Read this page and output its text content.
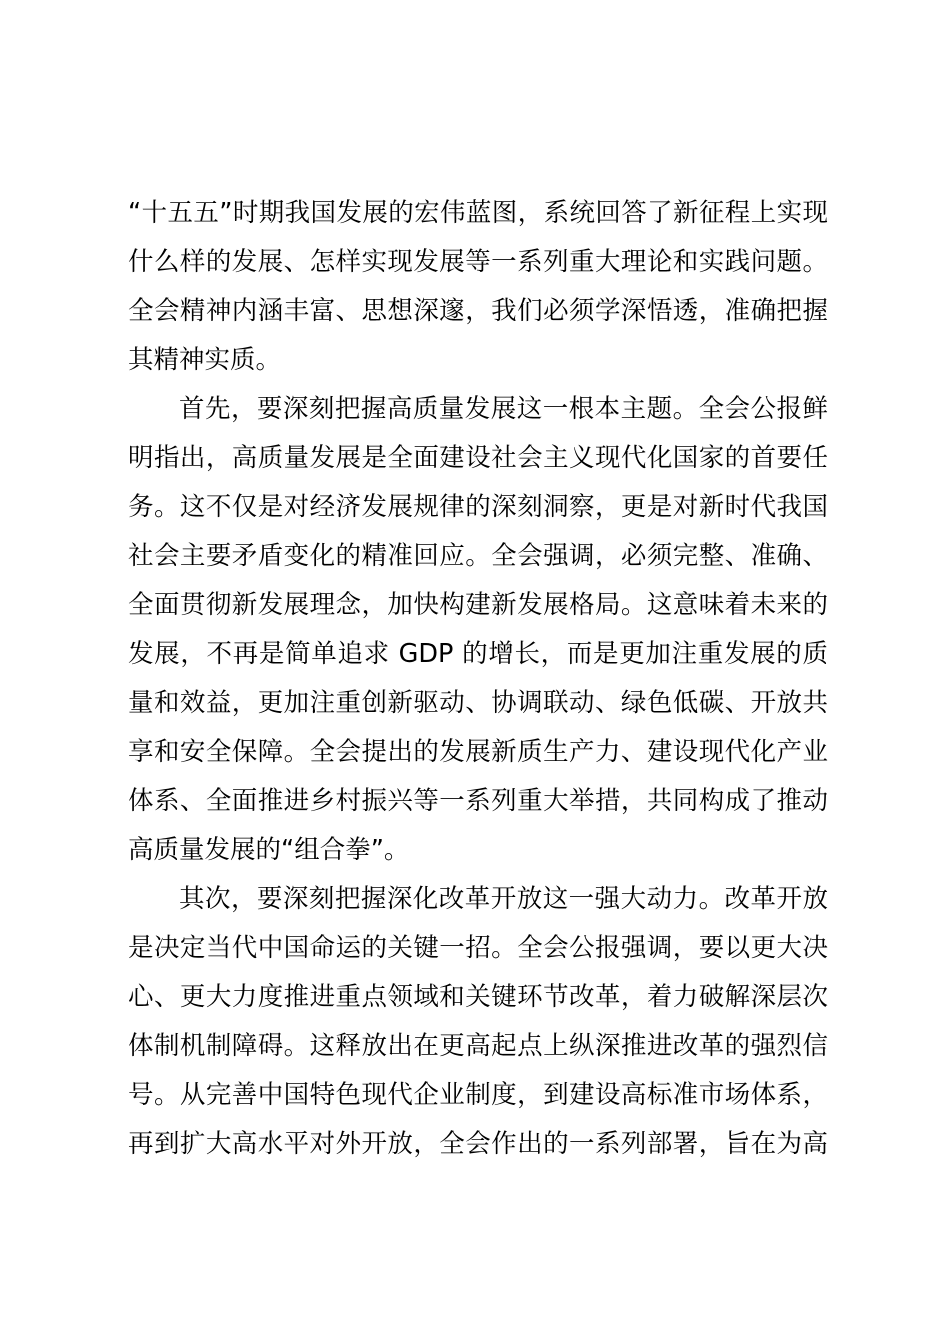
“十五五”时期我国发展的宏伟蓝图，系统回答了新征程上实现
什么样的发展、怎样实现发展等一系列重大理论和实践问题。
全会精神内涵丰富、思想深邃，我们必须学深悟透，准确把握
其精神实质。
首先，要深刻把握高质量发展这一根本主题。全会公报鲜
明指出，高质量发展是全面建设社会主义现代化国家的首要任
务。这不仅是对经济发展规律的深刻洞察，更是对新时代我国
社会主要矛盾变化的精准回应。全会强调，必须完整、准确、
全面贯彻新发展理念，加快构建新发展格局。这意味着未来的
发展，不再是简单追求 GDP 的增长，而是更加注重发展的质
量和效益，更加注重创新驱动、协调联动、绿色低碳、开放共
享和安全保障。全会提出的发展新质生产力、建设现代化产业
体系、全面推进乡村振兴等一系列重大举措，共同构成了推动
高质量发展的“组合拳”。
其次，要深刻把握深化改革开放这一强大动力。改革开放
是决定当代中国命运的关键一招。全会公报强调，要以更大决
心、更大力度推进重点领域和关键环节改革，着力破解深层次
体制机制障碍。这释放出在更高起点上纵深推进改革的强烈信
号。从完善中国特色现代企业制度，到建设高标准市场体系，
再到扩大高水平对外开放，全会作出的一系列部署，旨在为高
